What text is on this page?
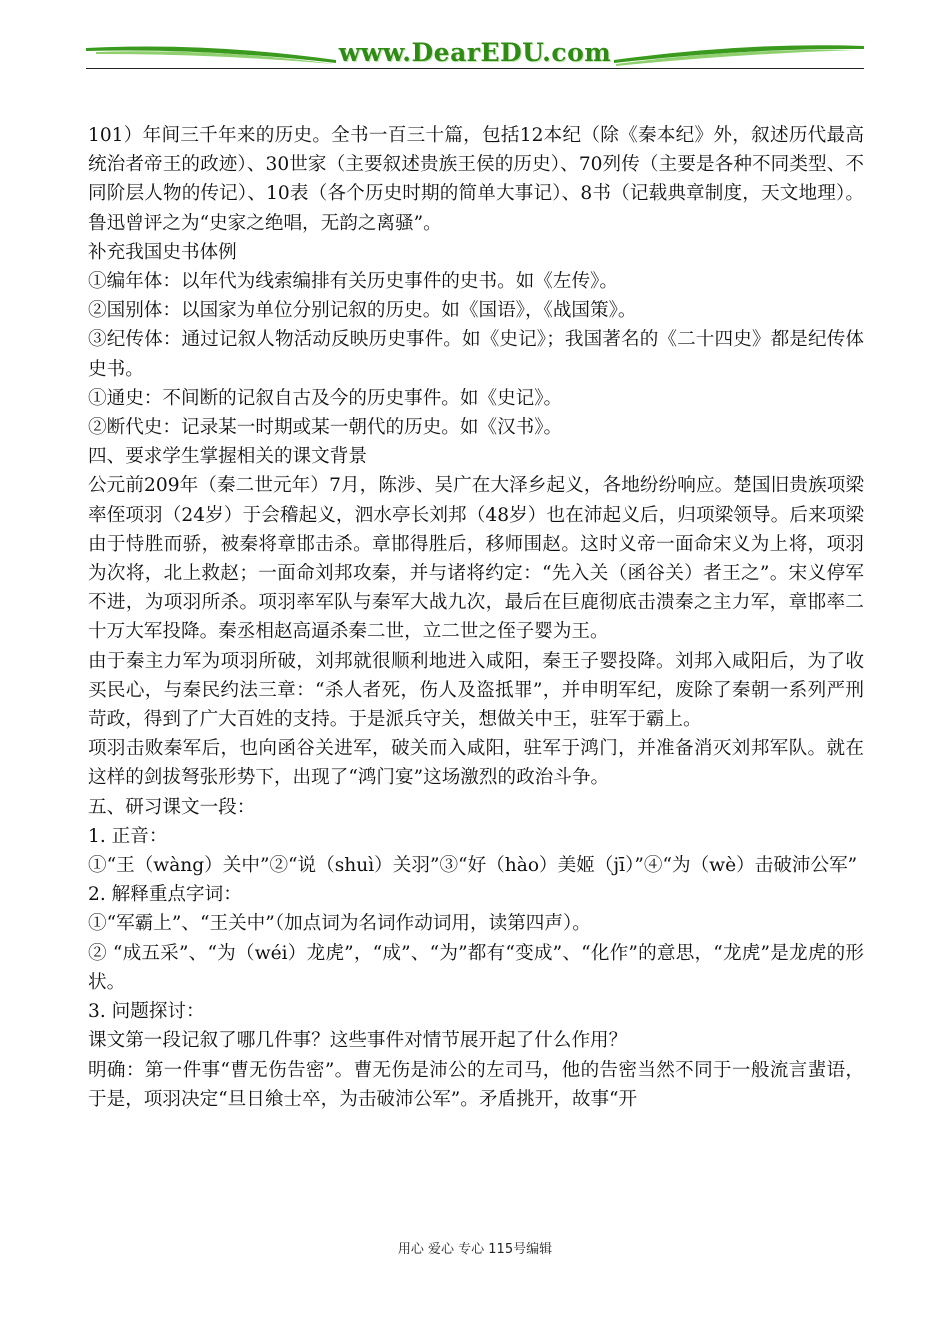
www.DearEDU.com

101）年间三千年来的历史。全书一百三十篇，包括12本纪（除《秦本纪》外，叙述历代最高统治者帝王的政迹）、30世家（主要叙述贵族王侯的历史）、70列传（主要是各种不同类型、不同阶层人物的传记）、10表（各个历史时期的简单大事记）、8书（记载典章制度，天文地理）。鲁迅曾评之为“史家之绝唱，无韵之离骚”。

补充我国史书体例

①编年体：以年代为线索编排有关历史事件的史书。如《左传》。

②国别体：以国家为单位分别记叙的历史。如《国语》，《战国策》。

③纪传体：通过记叙人物活动反映历史事件。如《史记》；我国著名的《二十四史》都是纪传体史书。

①通史：不间断的记叙自古及今的历史事件。如《史记》。

②断代史：记录某一时期或某一朝代的历史。如《汉书》。

四、要求学生掌握相关的课文背景

公元前209年（秦二世元年）7月，陈涉、吴广在大泽乡起义，各地纷纷响应。楚国旧贵族项梁率侄项羽（24岁）于会稽起义，泗水亭长刘邦（48岁）也在沛起义后，归项梁领导。后来项梁由于恃胜而骄，被秦将章邯击杀。章邯得胜后，移师围赵。这时义帝一面命宋义为上将，项羽为次将，北上救赵；一面命刘邦攻秦，并与诸将约定：“先入关（函谷关）者王之”。宋义停军不进，为项羽所杀。项羽率军队与秦军大战九次，最后在巨鹿彻底击溃秦之主力军，章邯率二十万大军投降。秦丞相赵高逼杀秦二世，立二世之侄子婴为王。

由于秦主力军为项羽所破，刘邦就很顺利地进入咸阳，秦王子婴投降。刘邦入咸阳后，为了收买民心，与秦民约法三章：“杀人者死，伤人及盗抵罪”，并申明军纪，废除了秦朝一系列严刑苛政，得到了广大百姓的支持。于是派兵守关，想做关中王，驻军于霸上。

项羽击败秦军后，也向函谷关进军，破关而入咸阳，驻军于鸿门，并准备消灭刘邦军队。就在这样的剑拔弩张形势下，出现了“鸿门宴”这场激烈的政治斗争。

五、研习课文一段：

1. 正音：

①“王（wàng）关中”②“说（shuì）关羽”③“好（hào）美姬（jī）”④“为（wè）击破沛公军”

2. 解释重点字词：

①“军霸上”、“王关中”（加点词为名词作动词用，读第四声）。

② “成五采”、“为（wéi）龙虎”，“成”、“为”都有“变成”、“化作”的意思，“龙虎”是龙虎的形状。

3. 问题探讨：

课文第一段记叙了哪几件事？这些事件对情节展开起了什么作用？

明确：第一件事“曹无伤告密”。曹无伤是沛公的左司马，他的告密当然不同于一般流言蜚语，于是，项羽决定“旦日飨士卒，为击破沛公军”。矛盾挑开，故事“开

用心 爱心 专心 115号编辑
